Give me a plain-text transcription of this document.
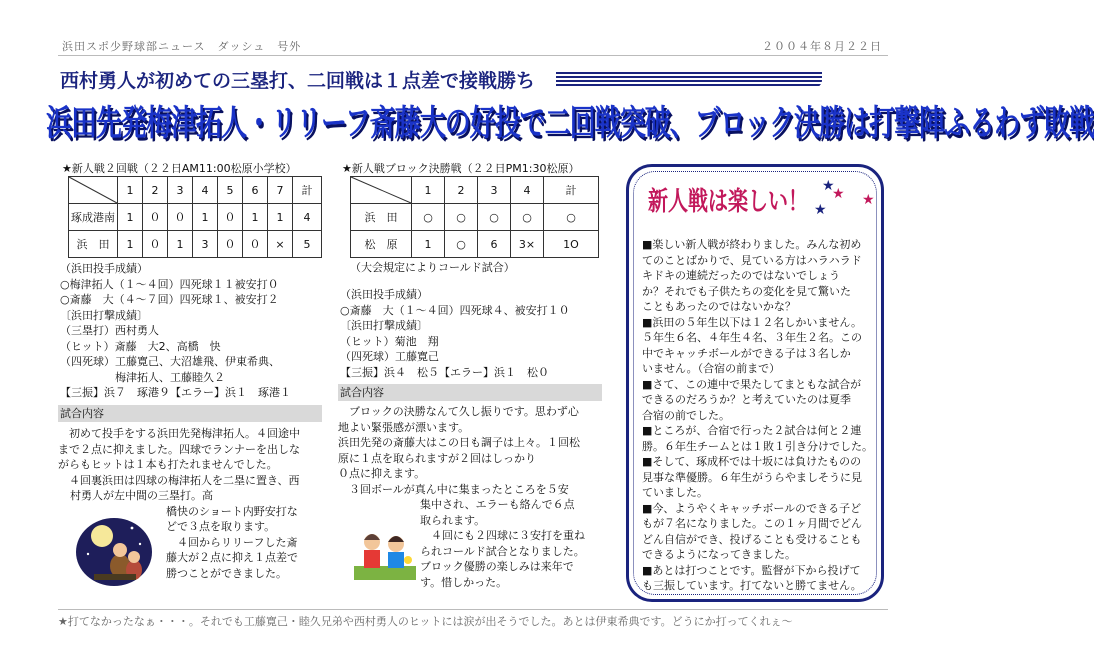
浜田スポ少野球部ニュース　ダッシュ　号外	２００４年８月２２日
西村勇人が初めての三塁打、二回戦は１点差で接戦勝ち
浜田先発梅津拓人・リリーフ斎藤大の好投で二回戦突破、ブロック決勝は打撃陣ふるわず敗戦
★新人戦２回戦（２２日AM11:00松原小学校）
	1	2	3	4	5	6	7	計
琢成港南	1	０	０	1	０	1	1	4
浜　田	1	０	1	3	０	０	×	5
（浜田投手成績）
○梅津拓人（１～４回）四死球１１被安打０
○斎藤　大（４～７回）四死球１、被安打２
〔浜田打撃成績〕
（三塁打）西村勇人
（ヒット）斎藤　大2、高橋　快
（四死球）工藤寛己、大沼雄飛、伊東希典、
　　　　　梅津拓人、工藤睦久２
【三振】浜７　琢港９【エラー】浜１　琢港１
試合内容
　初めて投手をする浜田先発梅津拓人。４回途中
まで２点に抑えました。四球でランナーを出しな
がらもヒットは１本も打たれませんでした。
　４回裏浜田は四球の梅津拓人を二塁に置き、西
村勇人が左中間の三塁打。高
橋快のショート内野安打な
どで３点を取ります。
　４回からリリーフした斎
藤大が２点に抑え１点差で
勝つことができました。
★新人戦ブロック決勝戦（２２日PM1:30松原）
	1	2	3	4	計
浜　田	○	○	○	○	○
松　原	1	○	6	3×	1O
（大会規定によりコールド試合）
（浜田投手成績）
○斎藤　大（１～４回）四死球４、被安打１０
〔浜田打撃成績〕
（ヒット）菊池　翔
（四死球）工藤寛己
【三振】浜４　松５【エラー】浜１　松０
試合内容
　ブロックの決勝なんて久し振りです。思わず心
地よい緊張感が漂います。
浜田先発の斎藤大はこの日も調子は上々。１回松
原に１点を取られますが２回はしっかり
０点に抑えます。
　３回ボールが真ん中に集まったところを５安
集中され、エラーも絡んで６点
取られます。
　４回にも２四球に３安打を重ね
られコールド試合となりました。
ブロック優勝の楽しみは来年で
す。惜しかった。
新人戦は楽しい！ ★
★
★
★
■楽しい新人戦が終わりました。みんな初め
てのことばかりで、見ている方はハラハラド
キドキの連続だったのではないでしょう
か？それでも子供たちの変化を見て驚いた
こともあったのではないかな？
■浜田の５年生以下は１２名しかいません。
５年生６名、４年生４名、３年生２名。この
中でキャッチボールができる子は３名しか
いません。（合宿の前まで）
■さて、この連中で果たしてまともな試合が
できるのだろうか？と考えていたのは夏季
合宿の前でした。
■ところが、合宿で行った２試合は何と２連
勝。６年生チームとは１敗１引き分けでした。
■そして、琢成杯では十坂には負けたものの
見事な準優勝。６年生がうらやましそうに見
ていました。
■今、ようやくキャッチボールのできる子ど
もが７名になりました。この１ヶ月間でどん
どん自信ができ、投げることも受けることも
できるようになってきました。
■あとは打つことです。監督が下から投げて
も三振しています。打てないと勝てません。
★打てなかったなぁ・・・。それでも工藤寛己・睦久兄弟や西村勇人のヒットには涙が出そうでした。あとは伊東希典です。どうにか打ってくれぇ～
